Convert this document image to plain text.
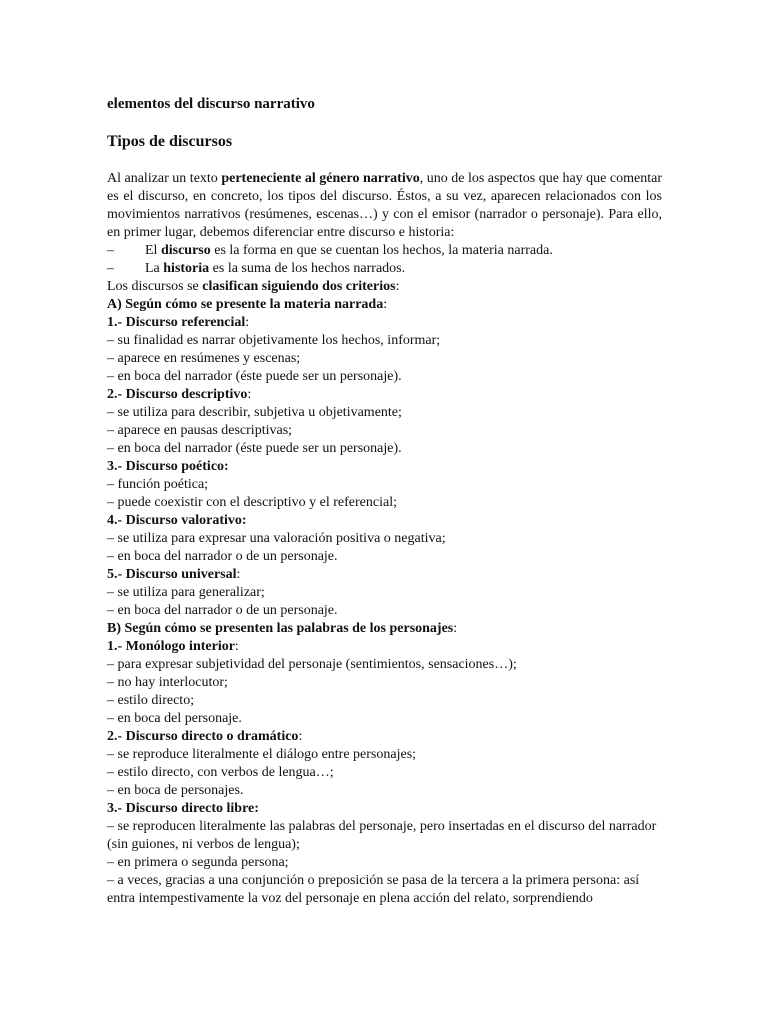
elementos del discurso narrativo
Tipos de discursos

Al analizar un texto perteneciente al género narrativo, uno de los aspectos que hay que comentar es el discurso, en concreto, los tipos del discurso. Éstos, a su vez, aparecen relacionados con los movimientos narrativos (resúmenes, escenas…) y con el emisor (narrador o personaje). Para ello, en primer lugar, debemos diferenciar entre discurso e historia:

–	El discurso es la forma en que se cuentan los hechos, la materia narrada.
–	La historia es la suma de los hechos narrados.
Los discursos se clasifican siguiendo dos criterios:
A) Según cómo se presente la materia narrada:
1.- Discurso referencial:
– su finalidad es narrar objetivamente los hechos, informar;
– aparece en resúmenes y escenas;
– en boca del narrador (éste puede ser un personaje).
2.- Discurso descriptivo:
– se utiliza para describir, subjetiva u objetivamente;
– aparece en pausas descriptivas;
– en boca del narrador (éste puede ser un personaje).
3.- Discurso poético:
– función poética;
– puede coexistir con el descriptivo y el referencial;
4.- Discurso valorativo:
– se utiliza para expresar una valoración positiva o negativa;
– en boca del narrador o de un personaje.
5.- Discurso universal:
– se utiliza para generalizar;
– en boca del narrador o de un personaje.
B) Según cómo se presenten las palabras de los personajes:
1.- Monólogo interior:
– para expresar subjetividad del personaje (sentimientos, sensaciones…);
– no hay interlocutor;
– estilo directo;
– en boca del personaje.
2.- Discurso directo o dramático:
– se reproduce literalmente el diálogo entre personajes;
– estilo directo, con verbos de lengua…;
– en boca de personajes.
3.- Discurso directo libre:
– se reproducen literalmente las palabras del personaje, pero insertadas en el discurso del narrador (sin guiones, ni verbos de lengua);
– en primera o segunda persona;
– a veces, gracias a una conjunción o preposición se pasa de la tercera a la primera persona: así entra intempestivamente la voz del personaje en plena acción del relato, sorprendiendo
